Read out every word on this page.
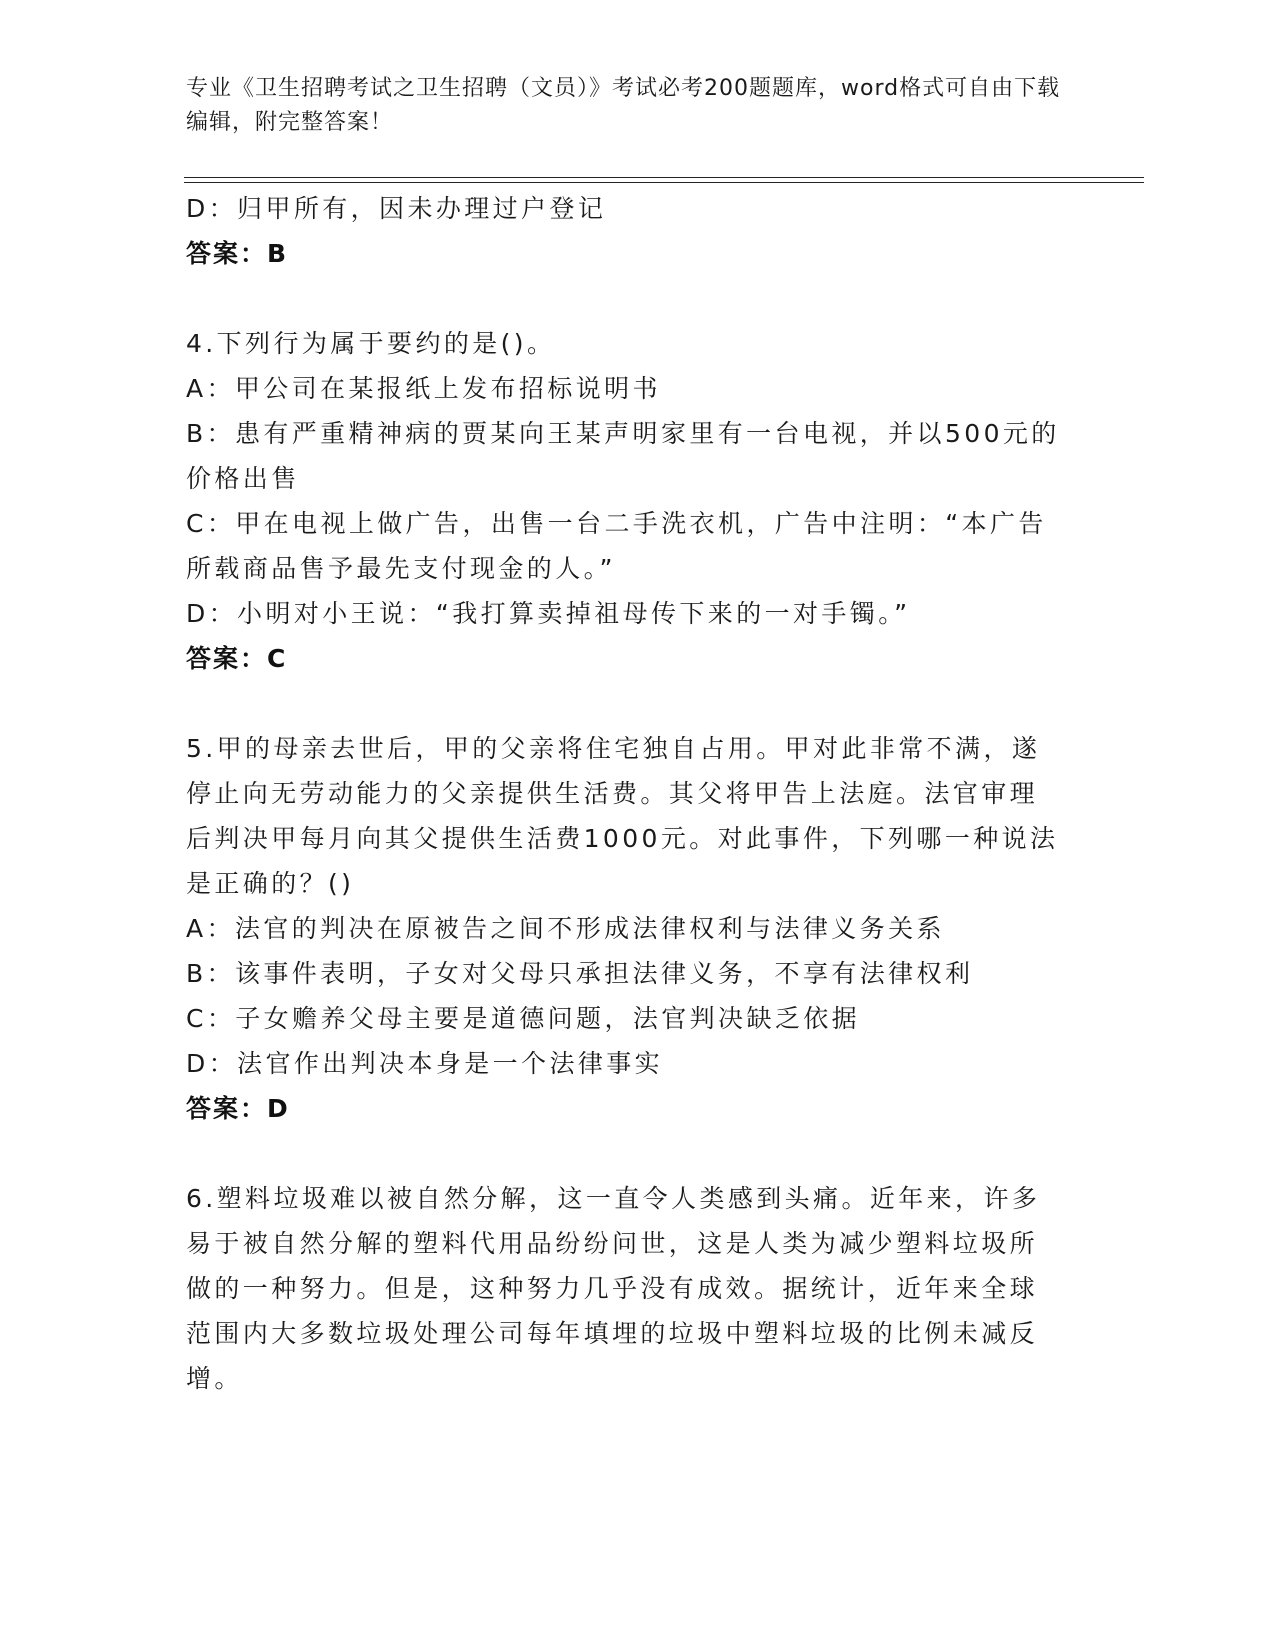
专业《卫生招聘考试之卫生招聘（文员）》考试必考200题题库，word格式可自由下载编辑，附完整答案！
D：归甲所有，因未办理过户登记
答案：B
4.下列行为属于要约的是()。
A：甲公司在某报纸上发布招标说明书
B：患有严重精神病的贾某向王某声明家里有一台电视，并以500元的价格出售
C：甲在电视上做广告，出售一台二手洗衣机，广告中注明：“本广告所载商品售予最先支付现金的人。”
D：小明对小王说：“我打算卖掉祖母传下来的一对手镯。”
答案：C
5.甲的母亲去世后，甲的父亲将住宅独自占用。甲对此非常不满，遂停止向无劳动能力的父亲提供生活费。其父将甲告上法庭。法官审理后判决甲每月向其父提供生活费1000元。对此事件，下列哪一种说法是正确的？()
A：法官的判决在原被告之间不形成法律权利与法律义务关系
B：该事件表明，子女对父母只承担法律义务，不享有法律权利
C：子女赡养父母主要是道德问题，法官判决缺乏依据
D：法官作出判决本身是一个法律事实
答案：D
6.塑料垃圾难以被自然分解，这一直令人类感到头痛。近年来，许多易于被自然分解的塑料代用品纷纷问世，这是人类为减少塑料垃圾所做的一种努力。但是，这种努力几乎没有成效。据统计，近年来全球范围内大多数垃圾处理公司每年填埋的垃圾中塑料垃圾的比例未减反增。
